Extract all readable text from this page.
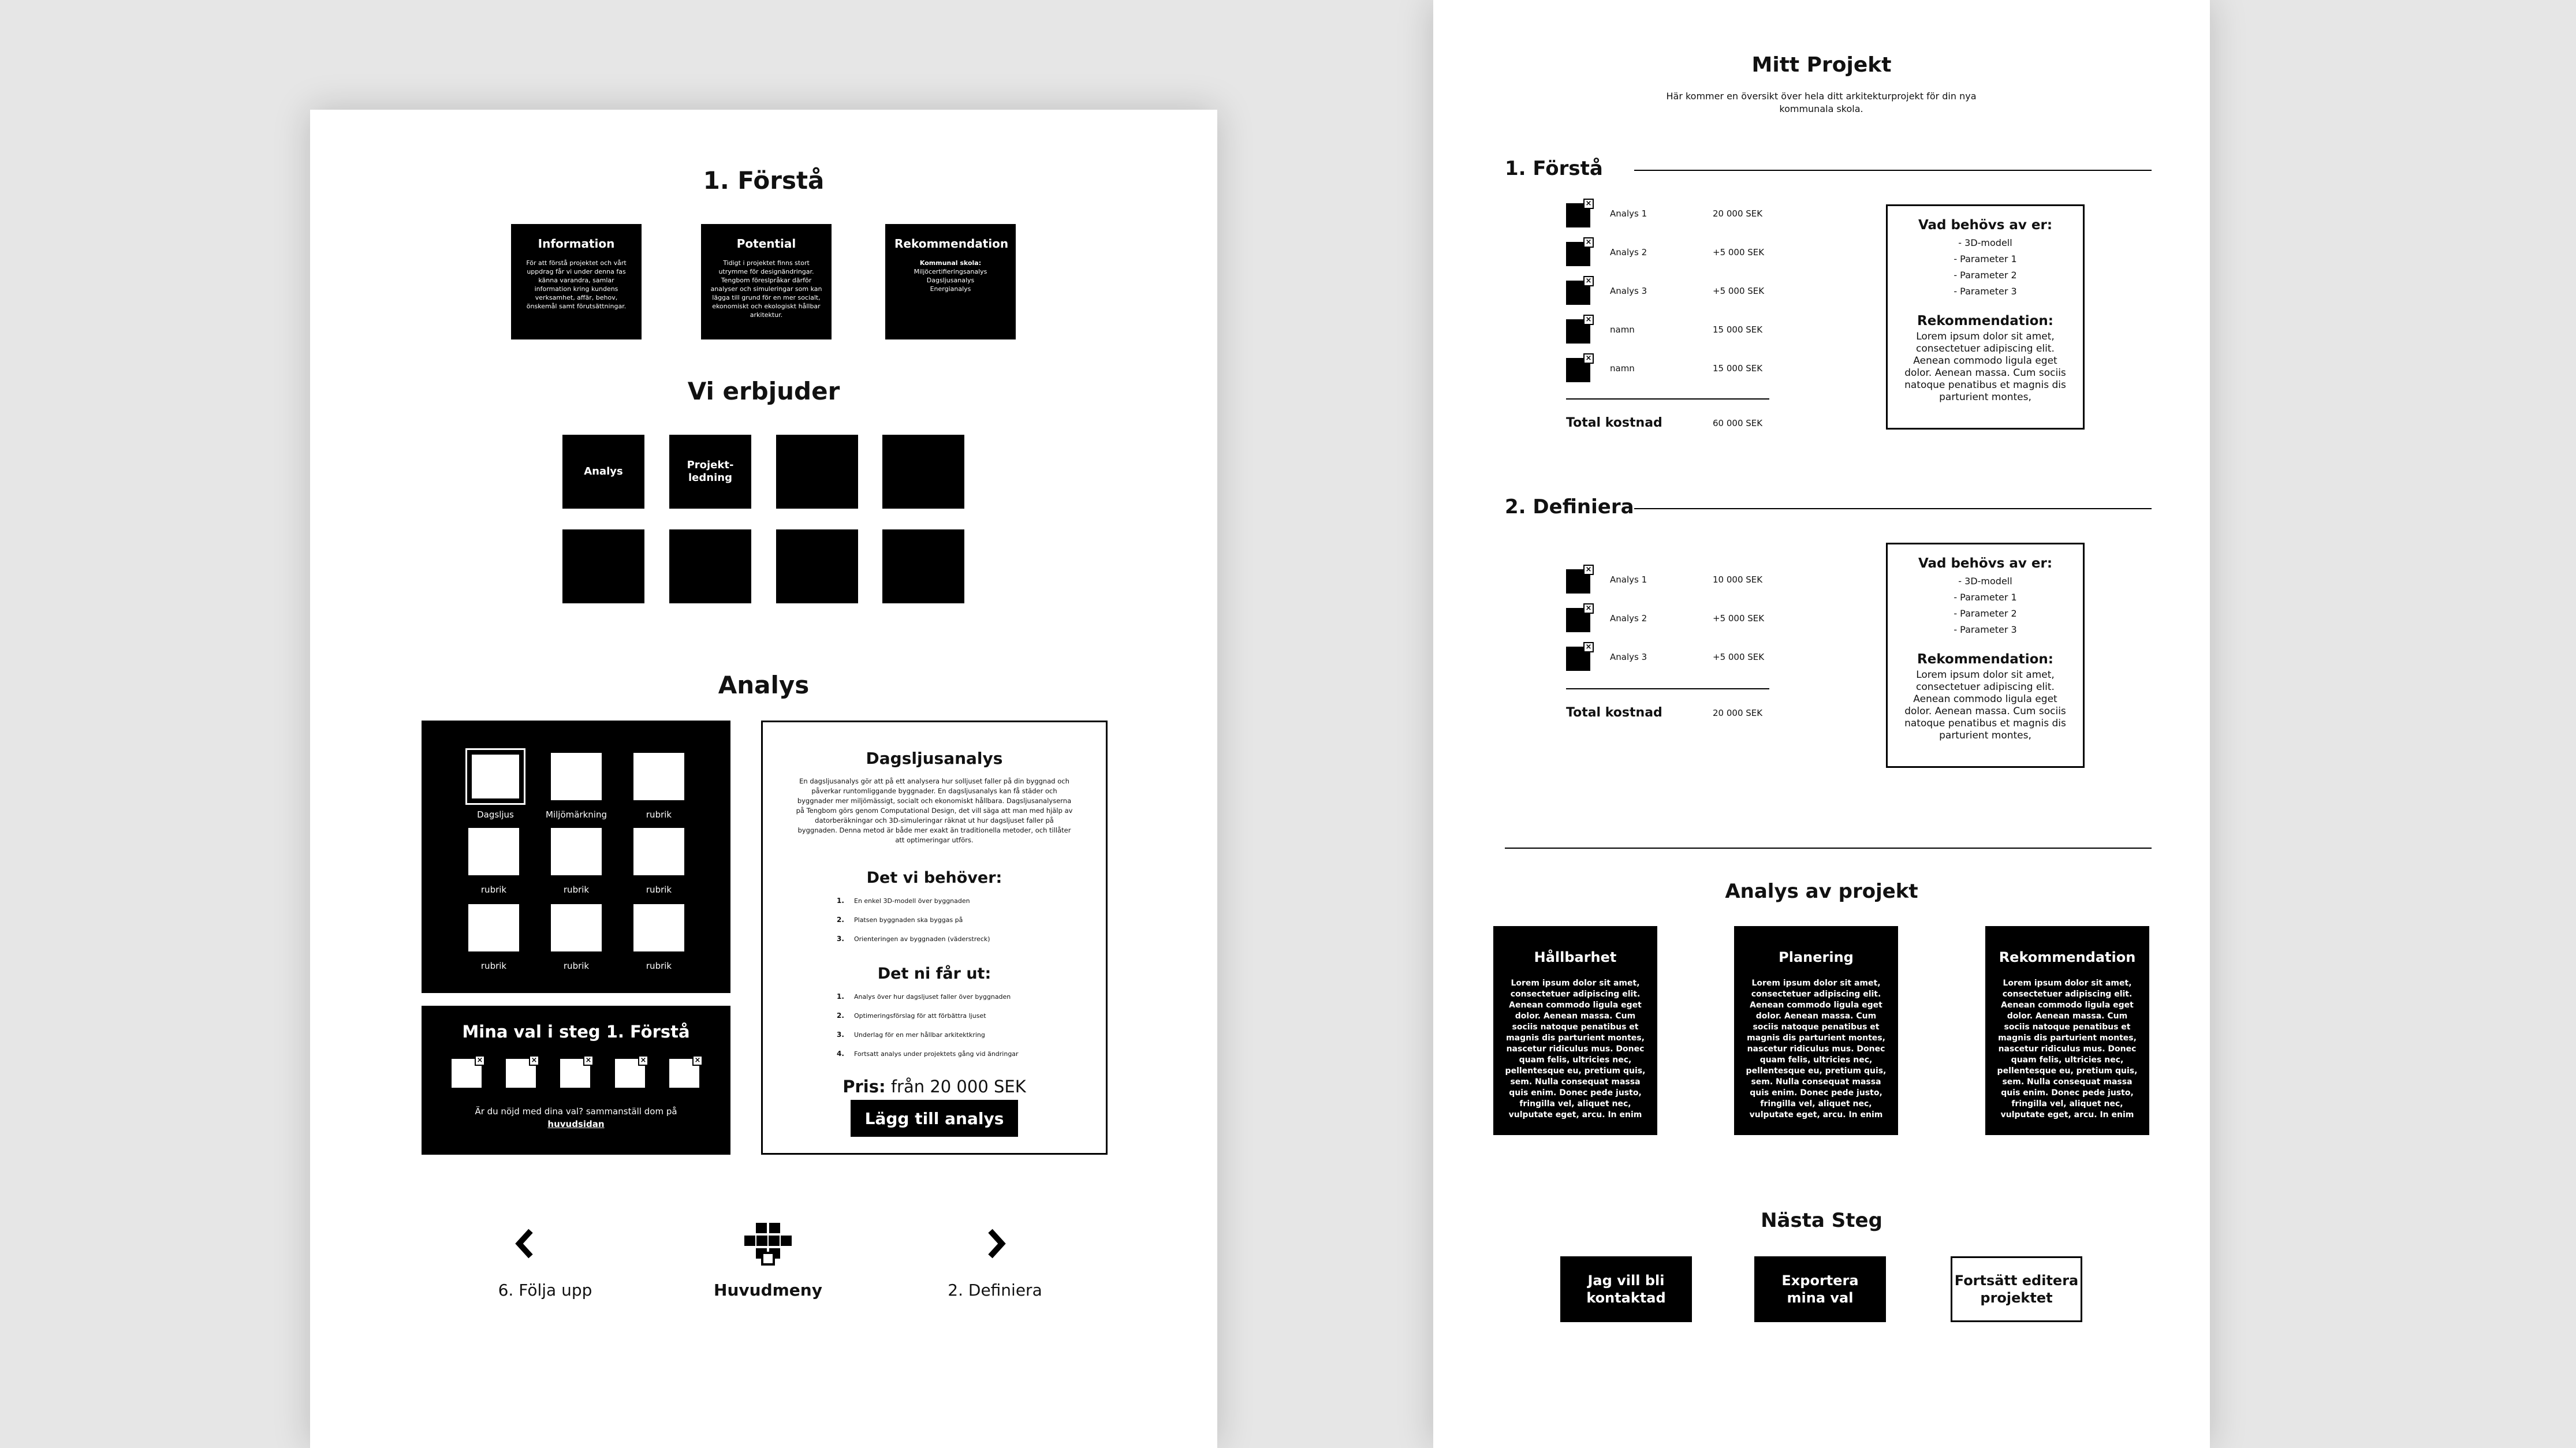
1. Förstå
Information
För att förstå projektet och vårt uppdrag får vi under denna fas känna varandra, samlar information kring kundens verksamhet, affär, behov, önskemål samt förutsättningar.
Potential
Tidigt i projektet finns stort utrymme för designändringar. Tengbom föreslpråkar därför analyser och simuleringar som kan lägga till grund för en mer socialt, ekonomiskt och ekologiskt hållbar arkitektur.
Rekommendation
Kommunal skola:
Miljöcertifieringsanalys
Dagsljusanalys
Energianalys
Vi erbjuder
Analys
Projekt-
ledning
Analys
Dagsljus	Miljömärkning	rubrik
rubrik	rubrik	rubrik
rubrik	rubrik	rubrik
Mina val i steg 1. Förstå
×	×	×	×	×
Är du nöjd med dina val? sammanställ dom på
huvudsidan
Dagsljusanalys
En dagsljusanalys gör att på ett analysera hur solljuset faller på din byggnad och påverkar runtomliggande byggnader. En dagsljusanalys kan få städer och byggnader mer miljömässigt, socialt och ekonomiskt hållbara. Dagsljusanalyserna på Tengbom görs genom Computational Design, det vill säga att man med hjälp av datorberäkningar och 3D-simuleringar räknat ut hur dagsljuset faller på byggnaden. Denna metod är både mer exakt än traditionella metoder, och tillåter att optimeringar utförs.
Det vi behöver:
1. En enkel 3D-modell över byggnaden
2. Platsen byggnaden ska byggas på
3. Orienteringen av byggnaden (väderstreck)
Det ni får ut:
1. Analys över hur dagsljuset faller över byggnaden
2. Optimeringsförslag för att förbättra ljuset
3. Underlag för en mer hållbar arkitektkring
4. Fortsatt analys under projektets gång vid ändringar
Pris: från 20 000 SEK
Lägg till analys
6. Följa upp	Huvudmeny	2. Definiera
Mitt Projekt
Här kommer en översikt över hela ditt arkitekturprojekt för din nya kommunala skola.
1. Förstå
×
Analys 1	20 000 SEK
×
Analys 2	+5 000 SEK
×
Analys 3	+5 000 SEK
×
namn	15 000 SEK
×
namn	15 000 SEK
Total kostnad	60 000 SEK
Vad behövs av er:
- 3D-modell
- Parameter 1
- Parameter 2
- Parameter 3
Rekommendation:
Lorem ipsum dolor sit amet, consectetuer adipiscing elit. Aenean commodo ligula eget dolor. Aenean massa. Cum sociis natoque penatibus et magnis dis parturient montes,
2. Definiera
×
Analys 1	10 000 SEK
×
Analys 2	+5 000 SEK
×
Analys 3	+5 000 SEK
Total kostnad	20 000 SEK
Vad behövs av er:
- 3D-modell
- Parameter 1
- Parameter 2
- Parameter 3
Rekommendation:
Lorem ipsum dolor sit amet, consectetuer adipiscing elit. Aenean commodo ligula eget dolor. Aenean massa. Cum sociis natoque penatibus et magnis dis parturient montes,
Analys av projekt
Hållbarhet
Lorem ipsum dolor sit amet, consectetuer adipiscing elit. Aenean commodo ligula eget dolor. Aenean massa. Cum sociis natoque penatibus et magnis dis parturient montes, nascetur ridiculus mus. Donec quam felis, ultricies nec, pellentesque eu, pretium quis, sem. Nulla consequat massa quis enim. Donec pede justo, fringilla vel, aliquet nec, vulputate eget, arcu. In enim
Planering
Lorem ipsum dolor sit amet, consectetuer adipiscing elit. Aenean commodo ligula eget dolor. Aenean massa. Cum sociis natoque penatibus et magnis dis parturient montes, nascetur ridiculus mus. Donec quam felis, ultricies nec, pellentesque eu, pretium quis, sem. Nulla consequat massa quis enim. Donec pede justo, fringilla vel, aliquet nec, vulputate eget, arcu. In enim
Rekommendation
Lorem ipsum dolor sit amet, consectetuer adipiscing elit. Aenean commodo ligula eget dolor. Aenean massa. Cum sociis natoque penatibus et magnis dis parturient montes, nascetur ridiculus mus. Donec quam felis, ultricies nec, pellentesque eu, pretium quis, sem. Nulla consequat massa quis enim. Donec pede justo, fringilla vel, aliquet nec, vulputate eget, arcu. In enim
Nästa Steg
Jag vill bli
kontaktad
Exportera
mina val
Fortsätt editera
projektet
